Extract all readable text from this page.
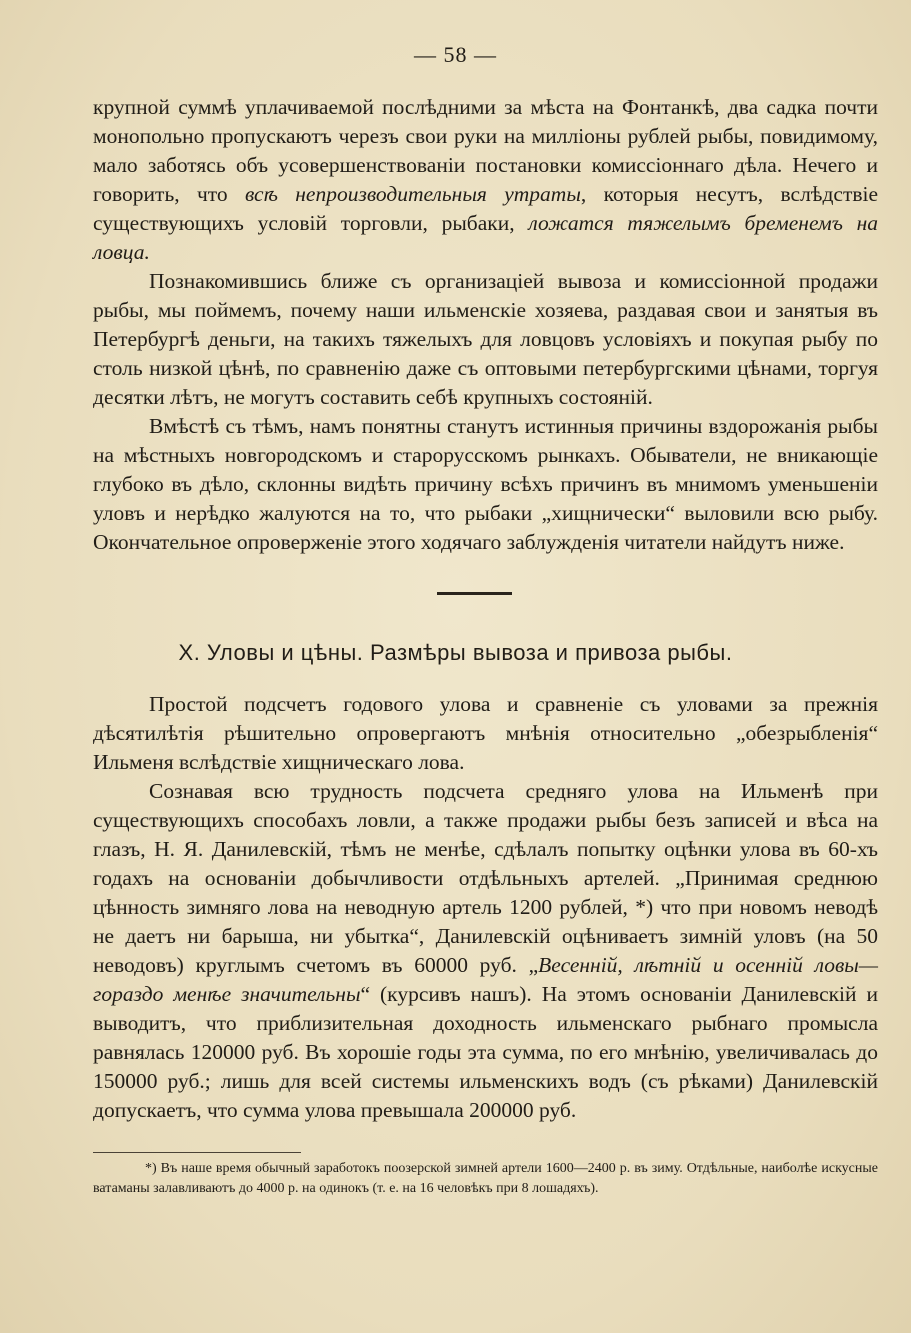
— 58 —

крупной суммѣ уплачиваемой послѣдними за мѣста на Фонтанкѣ, два садка почти монопольно пропускаютъ черезъ свои руки на милліоны рублей рыбы, повидимому, мало заботясь объ усовершенствованіи постановки комиссіоннаго дѣла. Нечего и говорить, что всѣ непроизводительныя утраты, которыя несутъ, вслѣдствіе существующихъ условій торговли, рыбаки, ложатся тяжелымъ бременемъ на ловца.

Познакомившись ближе съ организаціей вывоза и комиссіонной продажи рыбы, мы поймемъ, почему наши ильменскіе хозяева, раздавая свои и занятыя въ Петербургѣ деньги, на такихъ тяжелыхъ для ловцовъ условіяхъ и покупая рыбу по столь низкой цѣнѣ, по сравненію даже съ оптовыми петербургскими цѣнами, торгуя десятки лѣтъ, не могутъ составить себѣ крупныхъ состояній.

Вмѣстѣ съ тѣмъ, намъ понятны станутъ истинныя причины вздорожанія рыбы на мѣстныхъ новгородскомъ и старорусскомъ рынкахъ. Обыватели, не вникающіе глубоко въ дѣло, склонны видѣть причину всѣхъ причинъ въ мнимомъ уменьшеніи уловъ и нерѣдко жалуются на то, что рыбаки „хищнически“ выловили всю рыбу. Окончательное опроверженіе этого ходячаго заблужденія читатели найдутъ ниже.

X. Уловы и цѣны. Размѣры вывоза и привоза рыбы.

Простой подсчетъ годового улова и сравненіе съ уловами за прежнія дѣсятилѣтія рѣшительно опровергаютъ мнѣнія относительно „обезрыбленія“ Ильменя вслѣдствіе хищническаго лова.

Сознавая всю трудность подсчета средняго улова на Ильменѣ при существующихъ способахъ ловли, а также продажи рыбы безъ записей и вѣса на глазъ, Н. Я. Данилевскій, тѣмъ не менѣе, сдѣлалъ попытку оцѣнки улова въ 60-хъ годахъ на основаніи добычливости отдѣльныхъ артелей. „Принимая среднюю цѣнность зимняго лова на неводную артель 1200 рублей, *) что при новомъ неводѣ не даетъ ни барыша, ни убытка“, Данилевскій оцѣниваетъ зимній уловъ (на 50 неводовъ) круглымъ счетомъ въ 60000 руб. „Весенній, лѣтній и осенній ловы—гораздо менѣе значительны“ (курсивъ нашъ). На этомъ основаніи Данилевскій и выводитъ, что приблизительная доходность ильменскаго рыбнаго промысла равнялась 120000 руб. Въ хорошіе годы эта сумма, по его мнѣнію, увеличивалась до 150000 руб.; лишь для всей системы ильменскихъ водъ (съ рѣками) Данилевскій допускаетъ, что сумма улова превышала 200000 руб.

*) Въ наше время обычный заработокъ поозерской зимней артели 1600—2400 р. въ зиму. Отдѣльные, наиболѣе искусные ватаманы залавливаютъ до 4000 р. на одинокъ (т. е. на 16 человѣкъ при 8 лошадяхъ).
